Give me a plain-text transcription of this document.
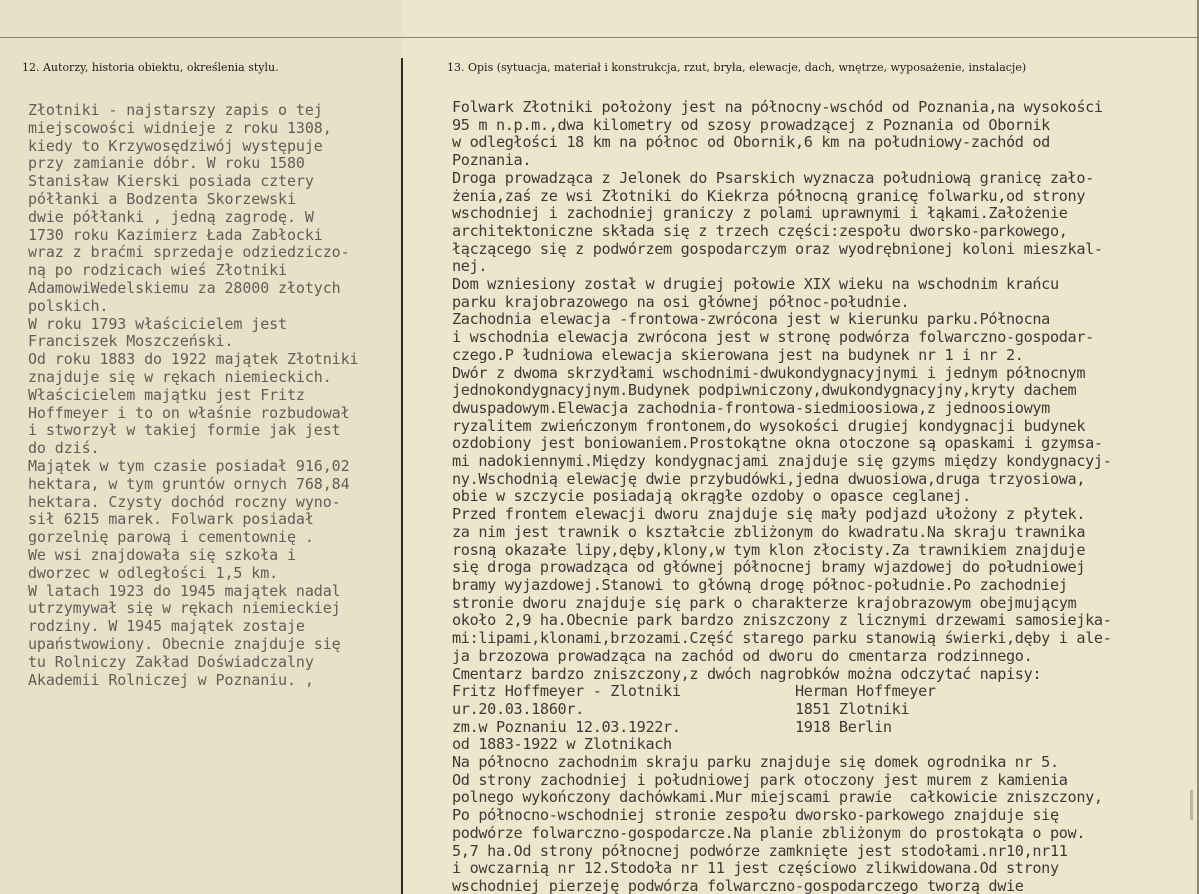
12. Autorzy, historia obiektu, określenia stylu.	13. Opis (sytuacja, materiał i konstrukcja, rzut, bryła, elewacje, dach, wnętrze, wyposażenie, instalacje)
Złotniki - najstarszy zapis o tej
miejscowości widnieje z roku 1308,
kiedy to Krzywosędziwój występuje
przy zamianie dóbr. W roku 1580
Stanisław Kierski posiada cztery
półłanki a Bodzenta Skorzewski
dwie półłanki , jedną zagrodę. W
1730 roku Kazimierz Łada Zabłocki
wraz z braćmi sprzedaje odziedziczo-
ną po rodzicach wieś Złotniki
AdamowiWedelskiemu za 28000 złotych
polskich.
W roku 1793 właścicielem jest
Franciszek Moszczeński.
Od roku 1883 do 1922 majątek Złotniki
znajduje się w rękach niemieckich.
Właścicielem majątku jest Fritz
Hoffmeyer i to on właśnie rozbudował
i stworzył w takiej formie jak jest
do dziś.
Majątek w tym czasie posiadał 916,02
hektara, w tym gruntów ornych 768,84
hektara. Czysty dochód roczny wyno-
sił 6215 marek. Folwark posiadał
gorzelnię parową i cementownię .
We wsi znajdowała się szkoła i
dworzec w odległości 1,5 km.
W latach 1923 do 1945 majątek nadal
utrzymywał się w rękach niemieckiej
rodziny. W 1945 majątek zostaje
upaństwowiony. Obecnie znajduje się
tu Rolniczy Zakład Doświadczalny
Akademii Rolniczej w Poznaniu. ,
Folwark Złotniki położony jest na północny-wschód od Poznania,na wysokości
95 m n.p.m.,dwa kilometry od szosy prowadzącej z Poznania od Obornik
w odległości 18 km na północ od Obornik,6 km na południowy-zachód od
Poznania.
Droga prowadząca z Jelonek do Psarskich wyznacza południową granicę zało-
żenia,zaś ze wsi Złotniki do Kiekrza północną granicę folwarku,od strony
wschodniej i zachodniej graniczy z polami uprawnymi i łąkami.Założenie
architektoniczne składa się z trzech części:zespołu dworsko-parkowego,
łączącego się z podwórzem gospodarczym oraz wyodrębnionej koloni mieszkal-
nej.
Dom wzniesiony został w drugiej połowie XIX wieku na wschodnim krańcu
parku krajobrazowego na osi głównej północ-południe.
Zachodnia elewacja -frontowa-zwrócona jest w kierunku parku.Północna
i wschodnia elewacja zwrócona jest w stronę podwórza folwarczno-gospodar-
czego.P łudniowa elewacja skierowana jest na budynek nr 1 i nr 2.
Dwór z dwoma skrzydłami wschodnimi-dwukondygnacyjnymi i jednym północnym
jednokondygnacyjnym.Budynek podpiwniczony,dwukondygnacyjny,kryty dachem
dwuspadowym.Elewacja zachodnia-frontowa-siedmioosiowa,z jednoosiowym
ryzalitem zwieńczonym frontonem,do wysokości drugiej kondygnacji budynek
ozdobiony jest boniowaniem.Prostokątne okna otoczone są opaskami i gzymsa-
mi nadokiennymi.Między kondygnacjami znajduje się gzyms między kondygnacyj-
ny.Wschodnią elewację dwie przybudówki,jedna dwuosiowa,druga trzyosiowa,
obie w szczycie posiadają okrągłe ozdoby o opasce ceglanej.
Przed frontem elewacji dworu znajduje się mały podjazd ułożony z płytek.
za nim jest trawnik o kształcie zbliżonym do kwadratu.Na skraju trawnika
rosną okazałe lipy,dęby,klony,w tym klon złocisty.Za trawnikiem znajduje
się droga prowadząca od głównej północnej bramy wjazdowej do południowej
bramy wyjazdowej.Stanowi to główną drogę północ-południe.Po zachodniej
stronie dworu znajduje się park o charakterze krajobrazowym obejmującym
około 2,9 ha.Obecnie park bardzo zniszczony z licznymi drzewami samosiejka-
mi:lipami,klonami,brzozami.Część starego parku stanowią świerki,dęby i ale-
ja brzozowa prowadząca na zachód od dworu do cmentarza rodzinnego.
Cmentarz bardzo zniszczony,z dwóch nagrobków można odczytać napisy:
Fritz Hoffmeyer - Zlotniki             Herman Hoffmeyer
ur.20.03.1860r.                        1851 Zlotniki
zm.w Poznaniu 12.03.1922r.             1918 Berlin
od 1883-1922 w Zlotnikach
Na północno zachodnim skraju parku znajduje się domek ogrodnika nr 5.
Od strony zachodniej i południowej park otoczony jest murem z kamienia
polnego wykończony dachówkami.Mur miejscami prawie  całkowicie zniszczony,
Po północno-wschodniej stronie zespołu dworsko-parkowego znajduje się
podwórze folwarczno-gospodarcze.Na planie zbliżonym do prostokąta o pow.
5,7 ha.Od strony północnej podwórze zamknięte jest stodołami.nr10,nr11
i owczarnią nr 12.Stodoła nr 11 jest częściowo zlikwidowana.Od strony
wschodniej pierzeję podwórza folwarczno-gospodarczego tworzą dwie
